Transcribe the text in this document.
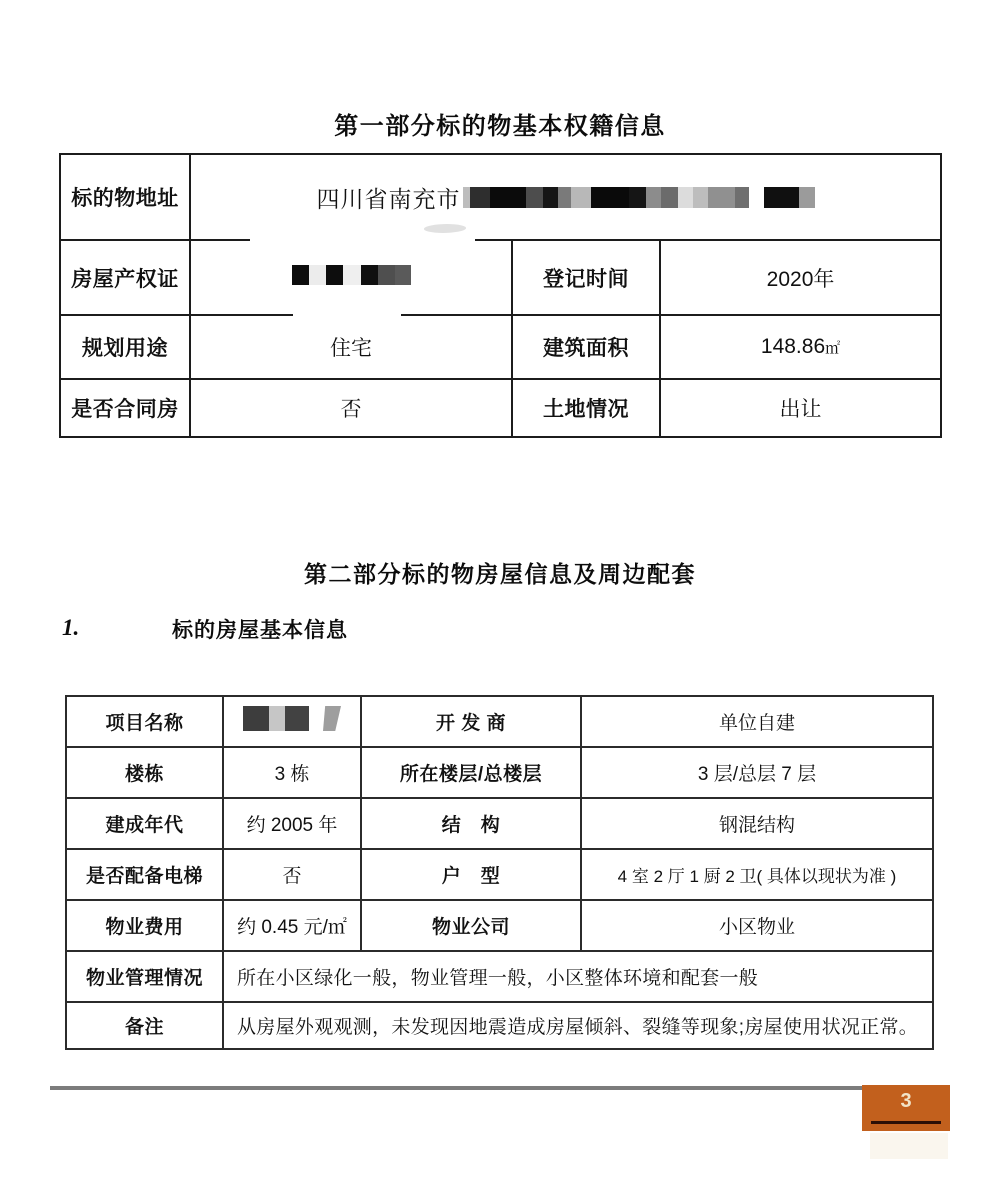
第一部分标的物基本权籍信息
标的物地址	四川省南充市		

房屋产权证		登记时间	2020年
规划用途	住宅	建筑面积	148.86㎡
是否合同房	否	土地情况	出让
第二部分标的物房屋信息及周边配套
1.	标的房屋基本信息
项目名称		开 发 商	单位自建
楼栋	3 栋	所在楼层/总楼层	3 层/总层 7 层
建成年代	约 2005 年	结　构	钢混结构
是否配备电梯	否	户　型	4 室 2 厅 1 厨 2 卫( 具体以现状为准 )
物业费用	约 0.45 元/㎡	物业公司	小区物业
物业管理情况	所在小区绿化一般，物业管理一般，小区整体环境和配套一般		
备注	从房屋外观观测，未发现因地震造成房屋倾斜、裂缝等现象;房屋使用状况正常。		
3
